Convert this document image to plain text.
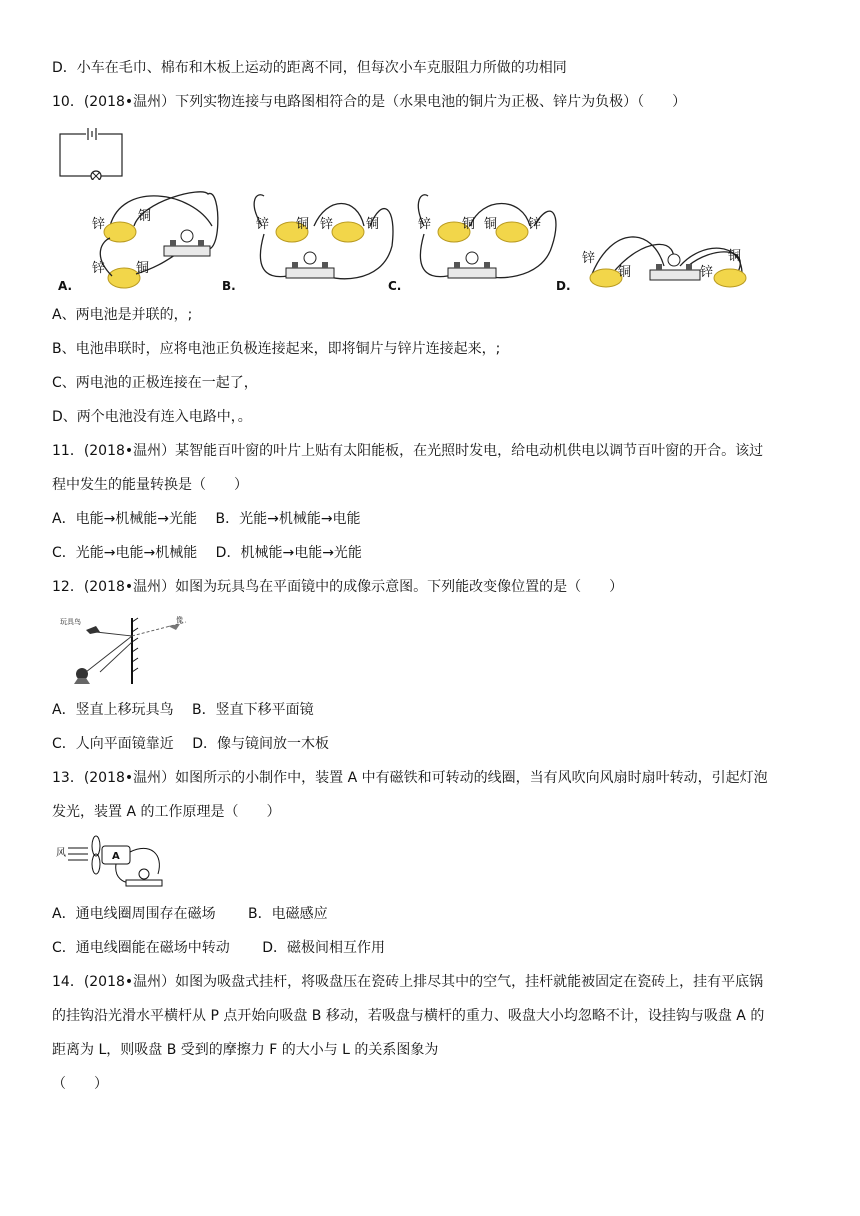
D．小车在毛巾、棉布和木板上运动的距离不同，但每次小车克服阻力所做的功相同
10．(2018•温州）下列实物连接与电路图相符合的是（水果电池的铜片为正极、锌片为负极）（　　）
锌
铜
锌 铜
A.
锌 铜 锌	铜
B.
锌 铜 铜 锌
C.
锌
铜	锌
铜
D.
A、两电池是并联的，;
B、电池串联时，应将电池正负极连接起来，即将铜片与锌片连接起来，;
C、两电池的正极连接在一起了，
D、两个电池没有连入电路中，。
11．(2018•温州）某智能百叶窗的叶片上贴有太阳能板，在光照时发电，给电动机供电以调节百叶窗的开合。该过
程中发生的能量转换是（　　）
A．电能→机械能→光能　 B．光能→机械能→电能
C．光能→电能→机械能　 D．机械能→电能→光能
12．(2018•温州）如图为玩具鸟在平面镜中的成像示意图。下列能改变像位置的是（　　）
玩具鸟	像
A．竖直上移玩具鸟　 B．竖直下移平面镜
C．人向平面镜靠近　 D．像与镜间放一木板
13．(2018•温州）如图所示的小制作中，装置 A 中有磁铁和可转动的线圈，当有风吹向风扇时扇叶转动，引起灯泡
发光，装置 A 的工作原理是（　　）
风	A
A．通电线圈周围存在磁场　　 B．电磁感应
C．通电线圈能在磁场中转动　　 D．磁极间相互作用
14．(2018•温州）如图为吸盘式挂杆，将吸盘压在瓷砖上排尽其中的空气，挂杆就能被固定在瓷砖上，挂有平底锅
的挂钩沿光滑水平横杆从 P 点开始向吸盘 B 移动，若吸盘与横杆的重力、吸盘大小均忽略不计，设挂钩与吸盘 A 的
距离为 L，则吸盘 B 受到的摩擦力 F 的大小与 L 的关系图象为
（　　）
